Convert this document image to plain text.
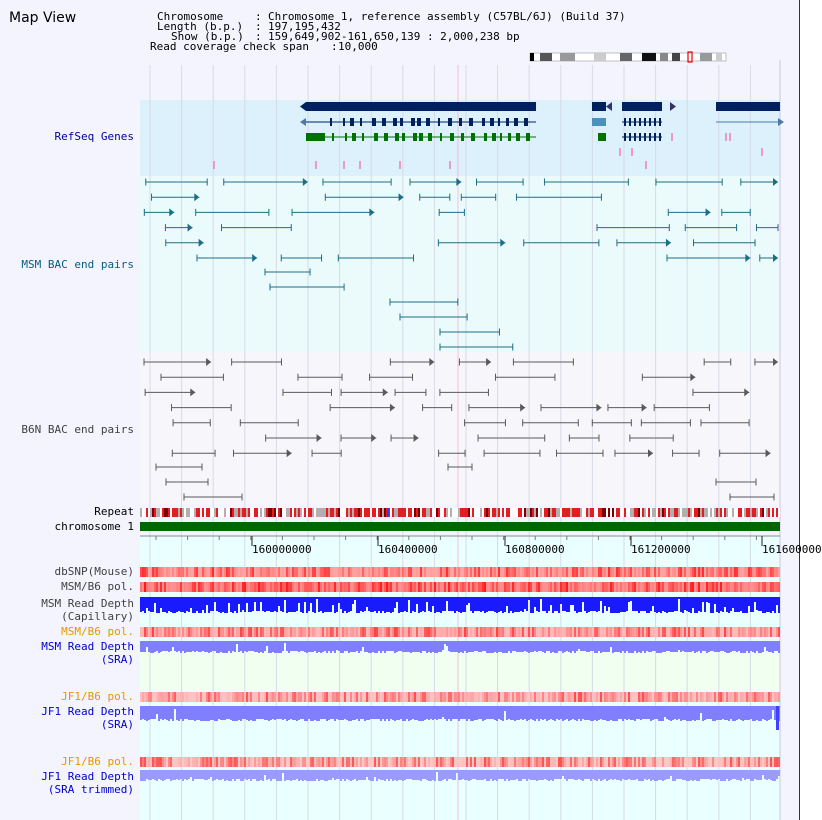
Map View	Chromosome	: Chromosome 1, reference assembly (C57BL/6J) (Build 37)
Length (b.p.) : 197,195,432
Show (b.p.) : 159,649,902-161,650,139 : 2,000,238 bp
Read coverage check span : 10,000
RefSeq Genes
MSM BAC end pairs
B6N BAC end pairs
Repeat
chromosome 1
dbSNP(Mouse)
MSM/B6 pol.
MSM Read Depth
(Capillary)
MSM/B6 pol.
MSM Read Depth
(SRA)
JF1/B6 pol.
JF1 Read Depth
(SRA)
JF1/B6 pol.
JF1 Read Depth
(SRA trimmed)
160000000	160400000	160800000	161200000	161600000
